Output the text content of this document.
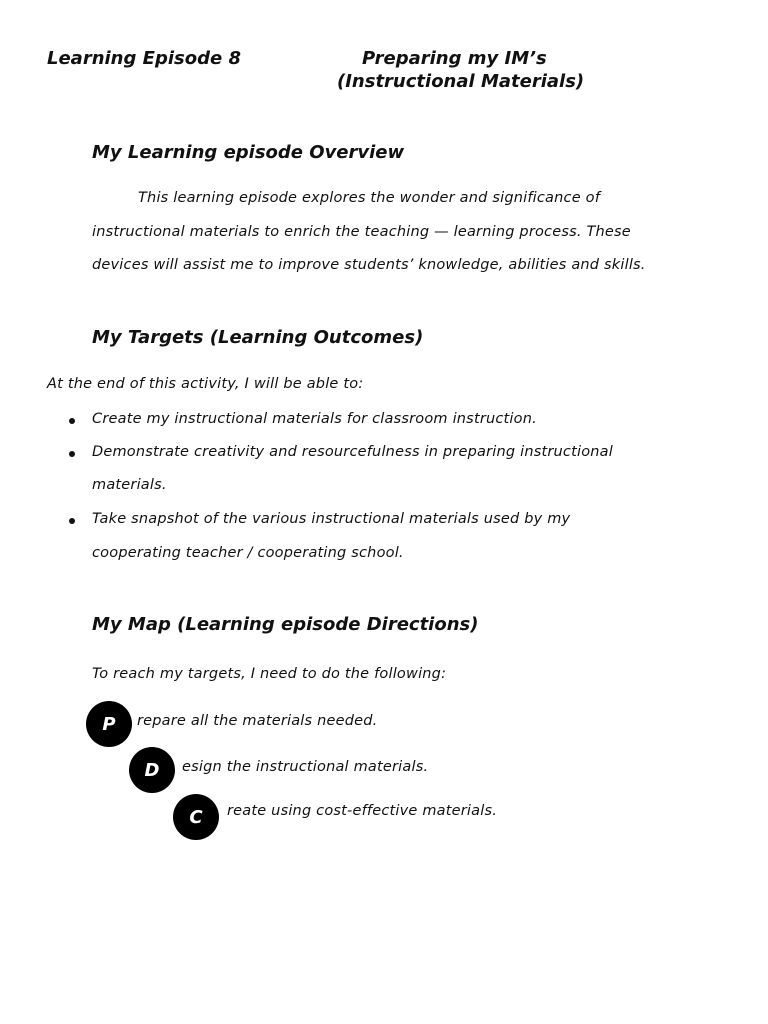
Learning Episode 8	Preparing my IM’s
(Instructional Materials)
My Learning episode Overview
This learning episode explores the wonder and significance of
instructional materials to enrich the teaching — learning process. These
devices will assist me to improve students’ knowledge, abilities and skills.
My Targets (Learning Outcomes)
At the end of this activity, I will be able to:
Create my instructional materials for classroom instruction.
Demonstrate creativity and resourcefulness in preparing instructional
materials.
Take snapshot of the various instructional materials used by my
cooperating teacher / cooperating school.
My Map (Learning episode Directions)
To reach my targets, I need to do the following:
P	repare all the materials needed.
D	esign the instructional materials.
C	reate using cost-effective materials.
